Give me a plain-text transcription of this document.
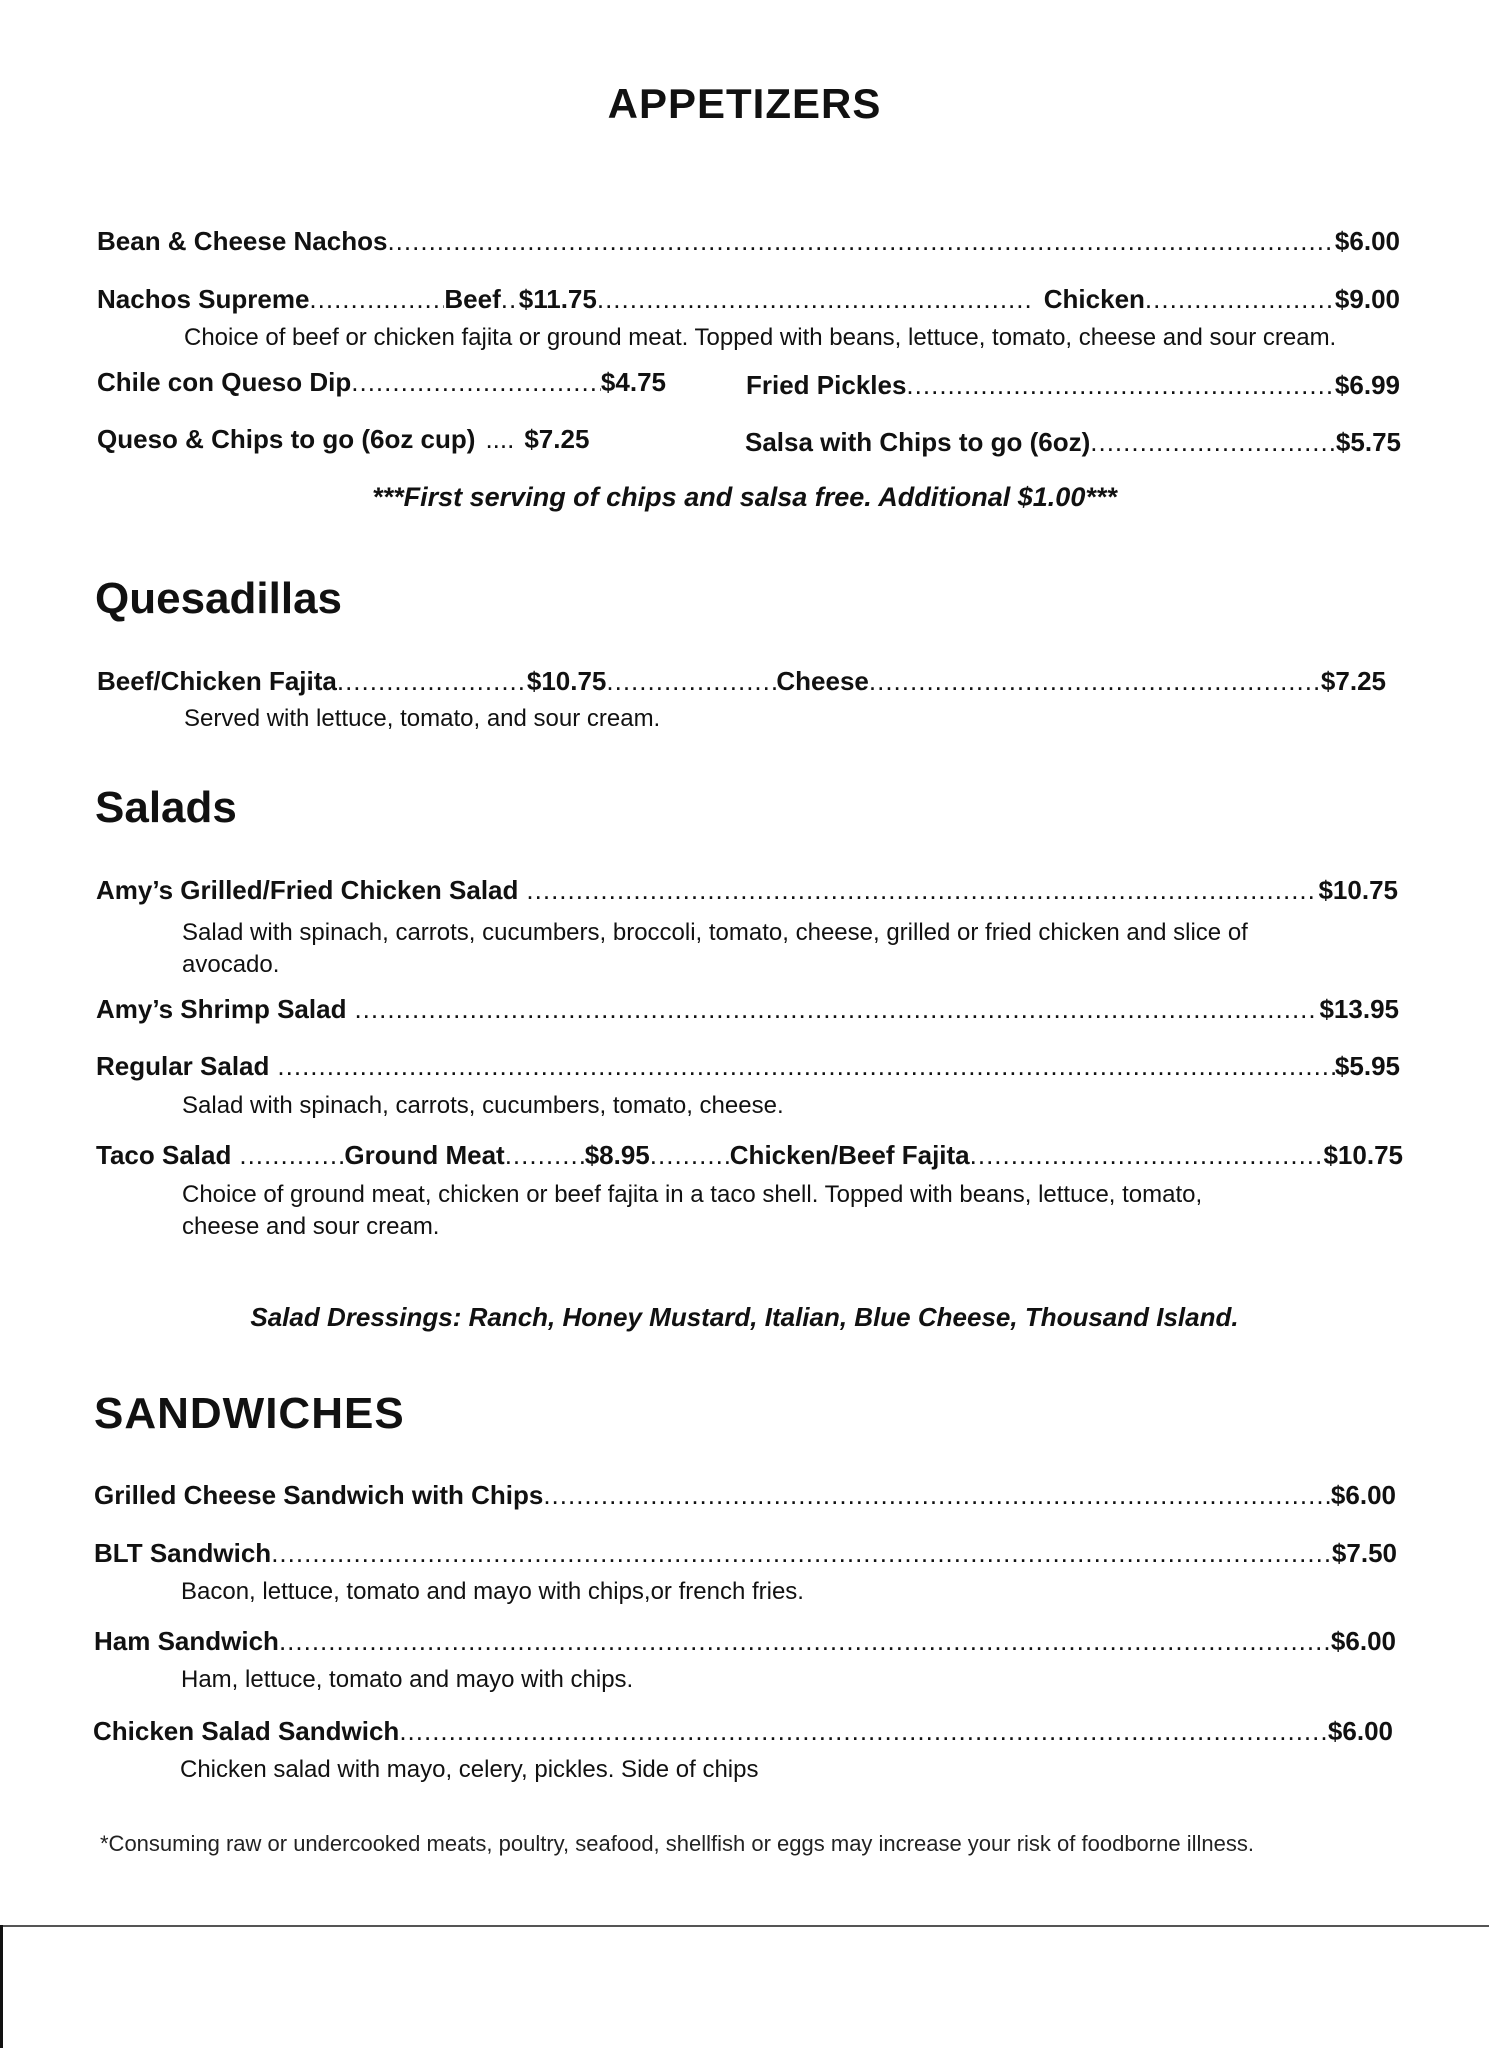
APPETIZERS
Bean & Cheese Nachos .....	$6.00
Nachos Supreme .....	Beef ..... $11.75 .....	Chicken .....	$9.00
Choice of beef or chicken fajita or ground meat. Topped with beans, lettuce, tomato, cheese and sour cream.
Chile con Queso Dip .....	$4.75	Fried Pickles .....	$6.99
Queso & Chips to go (6oz cup) .... $7.25	Salsa with Chips to go (6oz) .....	$5.75
***First serving of chips and salsa free. Additional $1.00***
Quesadillas
Beef/Chicken Fajita .....	$10.75 .....	Cheese .....	$7.25
Served with lettuce, tomato, and sour cream.
Salads
Amy’s Grilled/Fried Chicken Salad .....	$10.75
Salad with spinach, carrots, cucumbers, broccoli, tomato, cheese, grilled or fried chicken and slice of
avocado.
Amy’s Shrimp Salad .....	$13.95
Regular Salad .....	$5.95
Salad with spinach, carrots, cucumbers, tomato, cheese.
Taco Salad .....	Ground Meat .....	$8.95 .....	Chicken/Beef Fajita .....	$10.75
Choice of ground meat, chicken or beef fajita in a taco shell. Topped with beans, lettuce, tomato,
cheese and sour cream.
Salad Dressings: Ranch, Honey Mustard, Italian, Blue Cheese, Thousand Island.
SANDWICHES
Grilled Cheese Sandwich with Chips .....	$6.00
BLT Sandwich .....	$7.50
Bacon, lettuce, tomato and mayo with chips,or french fries.
Ham Sandwich .....	$6.00
Ham, lettuce, tomato and mayo with chips.
Chicken Salad Sandwich .....	$6.00
Chicken salad with mayo, celery, pickles. Side of chips
*Consuming raw or undercooked meats, poultry, seafood, shellfish or eggs may increase your risk of foodborne illness.
